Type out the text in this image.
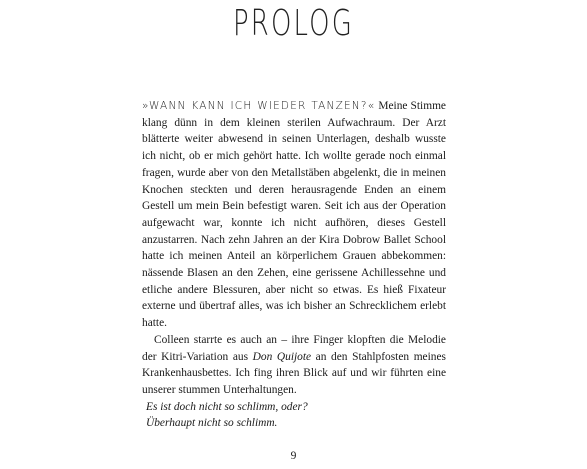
PROLOG

»WANN KANN ICH WIEDER TANZEN?« Meine Stimme klang dünn in dem kleinen sterilen Aufwachraum. Der Arzt blätterte weiter abwesend in seinen Unterlagen, deshalb wusste ich nicht, ob er mich gehört hatte. Ich wollte gerade noch einmal fragen, wurde aber von den Metallstäben abgelenkt, die in meinen Knochen steckten und deren herausragende Enden an einem Gestell um mein Bein befestigt waren. Seit ich aus der Operation aufgewacht war, konnte ich nicht aufhören, dieses Gestell anzustarren. Nach zehn Jahren an der Kira Dobrow Ballet School hatte ich meinen Anteil an körperlichem Grauen abbekommen: nässende Blasen an den Zehen, eine gerissene Achillessehne und etliche andere Blessuren, aber nicht so etwas. Es hieß Fixateur externe und übertraf alles, was ich bisher an Schrecklichem erlebt hatte.

Colleen starrte es auch an – ihre Finger klopften die Melodie der Kitri-Variation aus Don Quijote an den Stahlpfosten meines Krankenhausbettes. Ich fing ihren Blick auf und wir führten eine unserer stummen Unterhaltungen.

Es ist doch nicht so schlimm, oder?
Überhaupt nicht so schlimm.

9
